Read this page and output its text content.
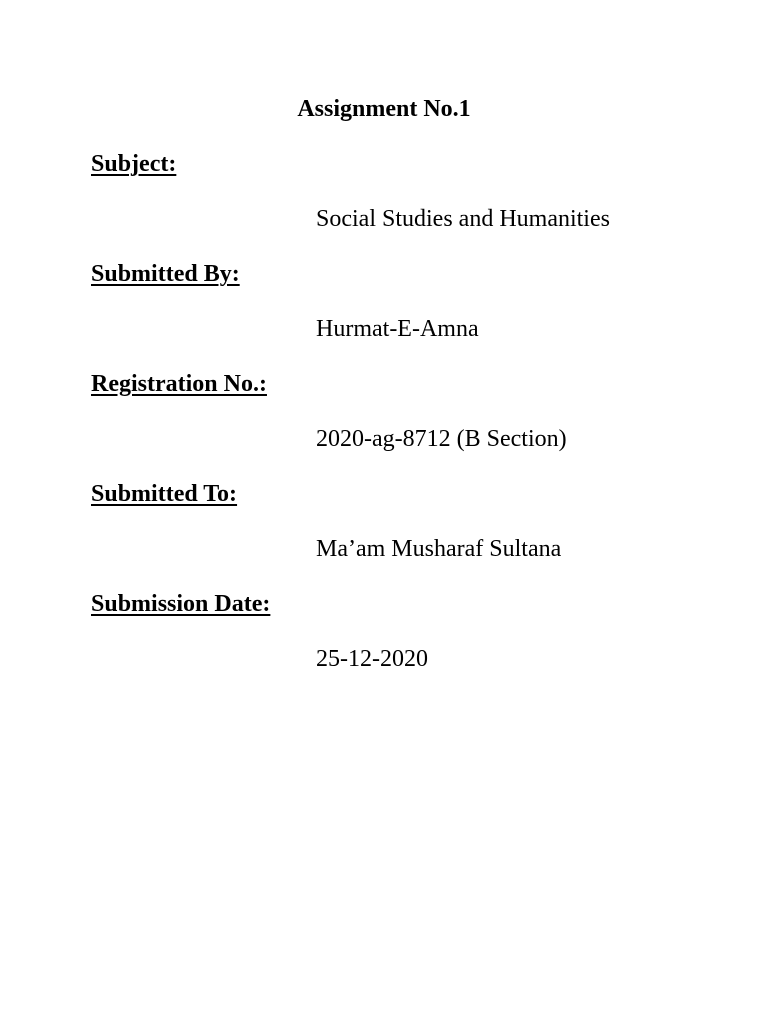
Assignment No.1
Subject:
Social Studies and Humanities
Submitted By:
Hurmat-E-Amna
Registration No.:
2020-ag-8712 (B Section)
Submitted To:
Ma’am Musharaf Sultana
Submission Date:
25-12-2020
